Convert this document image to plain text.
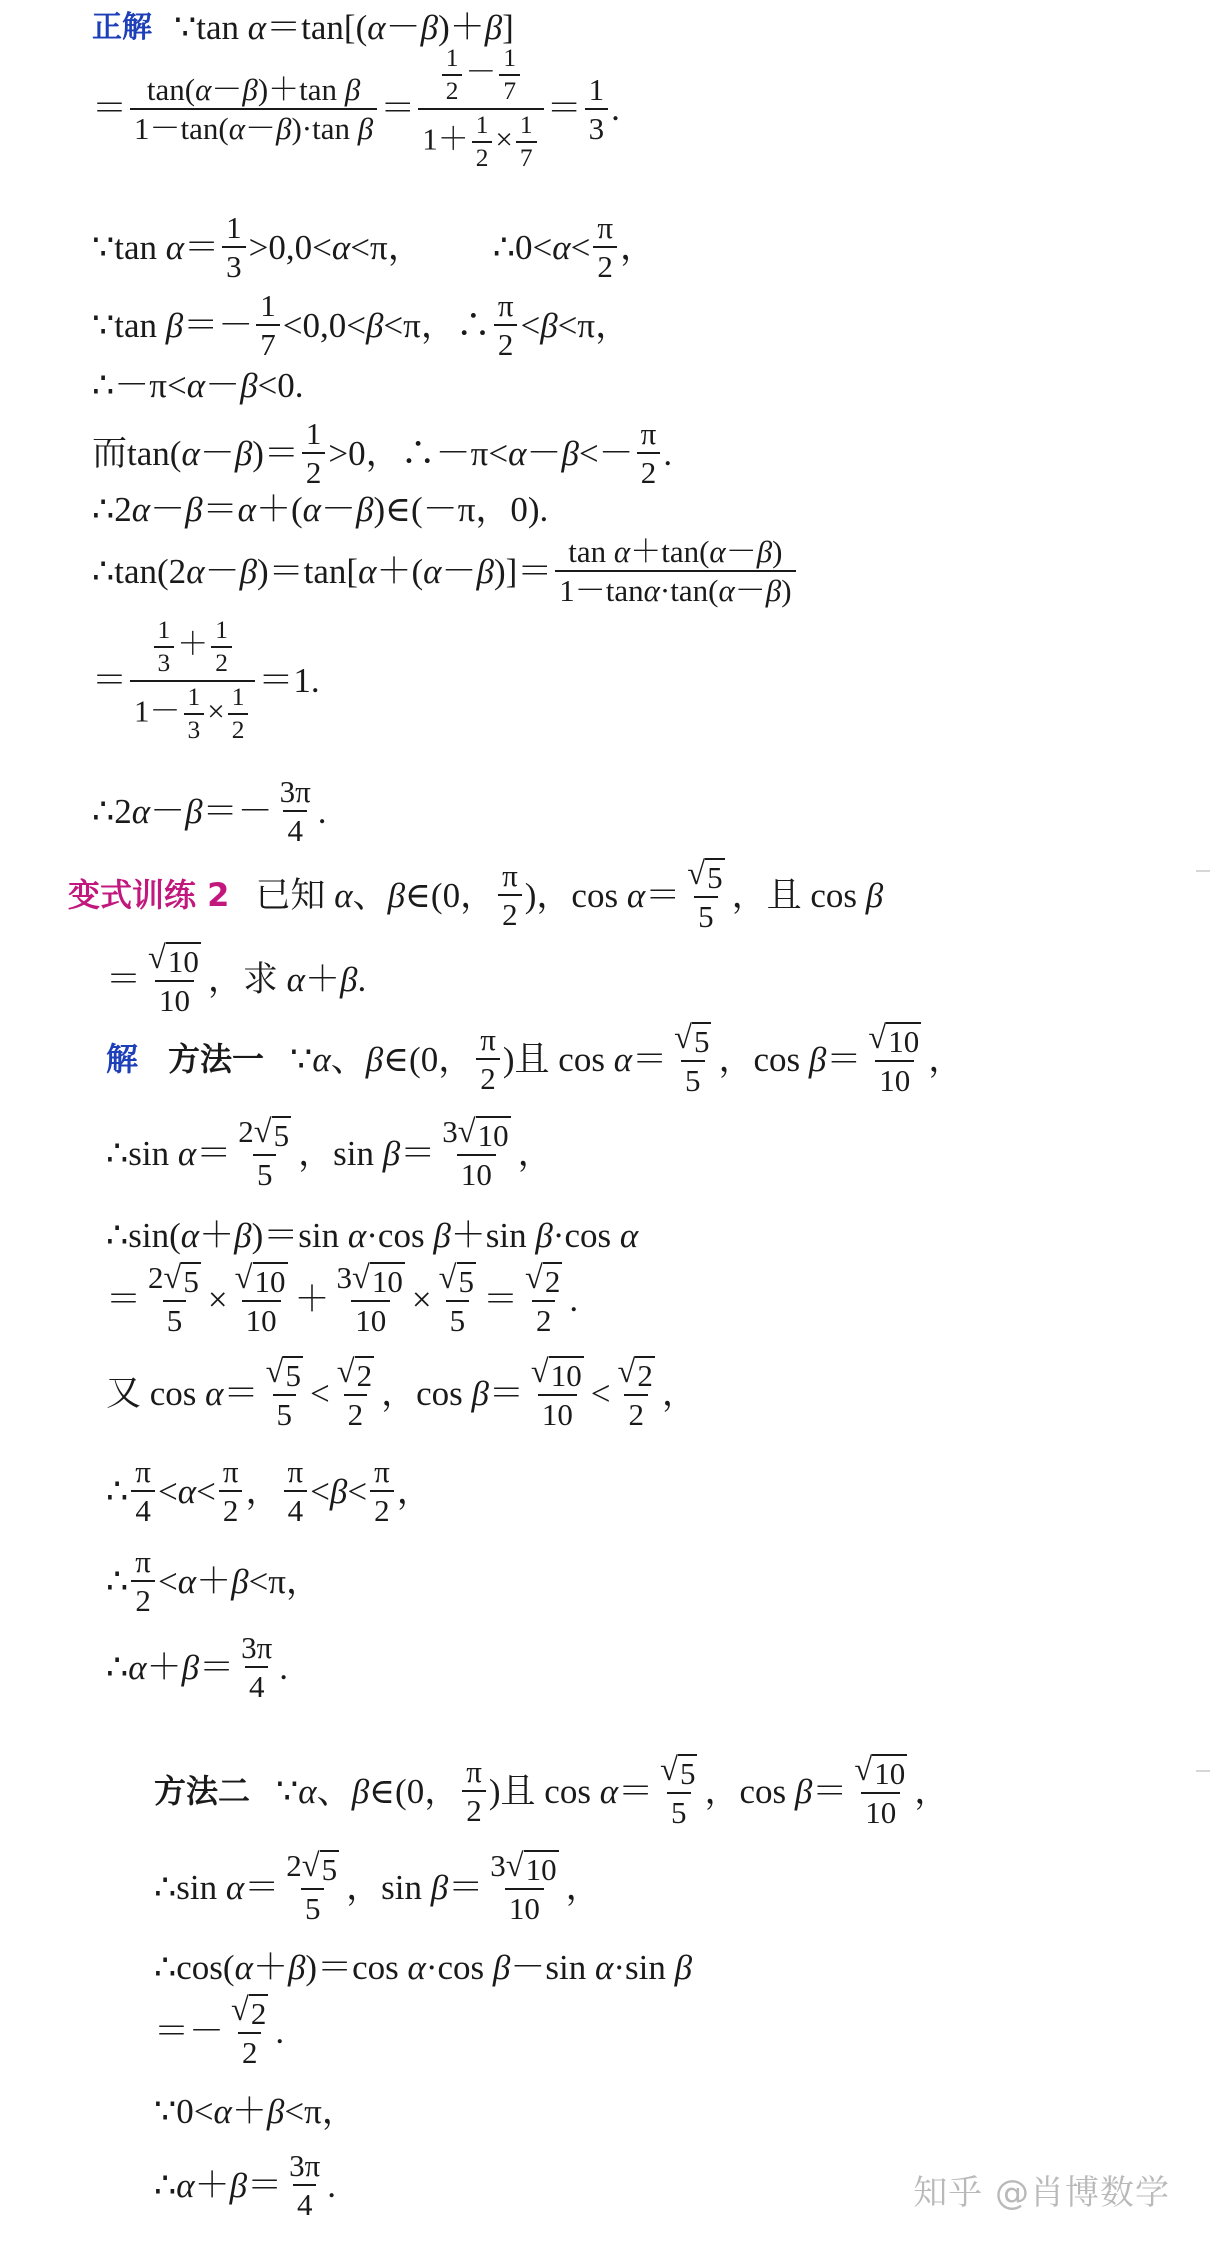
正解 ∵tan α＝tan[(α－β)＋β]
＝ tan(α－β)＋tan β
1－tan(α－β)·tan β ＝
$\frac{1}{2} - \frac{1}{7}$
$1+ \frac{1}{2} \times \frac{1}{7}$
＝ 1
3 .
∵tan α＝ 1
3 >0,0<α<π， ∴0<α< π
2 ，
∵tan β＝－ 1
7 <0,0<β<π，∴ π
2 <β<π，
∴－π<α－β<0.
而 tan(α－β)＝ 1
2 >0，∴－π<α－β<－ π
2 .
∴2α－β＝α＋(α－β)∈(－π，0).
∴tan(2α－β)＝tan[α＋(α－β)]＝ tan α＋tan(α－β)
1－tanα·tan(α－β)
＝
$\frac{1}{3} + \frac{1}{2}$
$1- \frac{1}{3} \times \frac{1}{2}$
＝1.
∴2α－β＝－ 3π
4 .
变式训练 2 已知 α、β∈(0， π
2 )，cos α＝
√ 5
5
， 且 cos β
＝
√ 10
10
，求 α＋β.
解 方法一 ∵α、β∈(0， π
2 ) 且 cos α＝
√ 5
5
，cos β＝
√ 10
10
，
∴sin α＝
2 √ 5
5
，sin β＝
3 √ 10
10
，
∴sin(α＋β)＝sin α·cos β＋sin β·cos α
＝ $\frac{2 √ 5}{5} \times \frac{√ 10}{10} + \frac{3 √ 10}{10} \times \frac{√ 5}{5}$ ＝
√ 2
2
.
又 cos α＝
√ 5
5
<
√ 2
2
，cos β＝
√ 10
10
<
√ 2
2
，
∴ π
4 <α< π
2 ， π
4 <β< π
2 ，
∴ π
2 <α＋β<π，
∴α＋β＝ 3π
4 .
方法二 ∵α、β∈(0， π
2 ) 且 cos α＝
√ 5
5
，cos β＝
√ 10
10
，
∴sin α＝
2 √ 5
5
，sin β＝
3 √ 10
10
，
∴cos(α＋β)＝cos α·cos β－sin α·sin β
＝－
√ 2
2
.
∵0<α＋β<π，
∴α＋β＝ 3π
4 .	知乎 @肖博数学
